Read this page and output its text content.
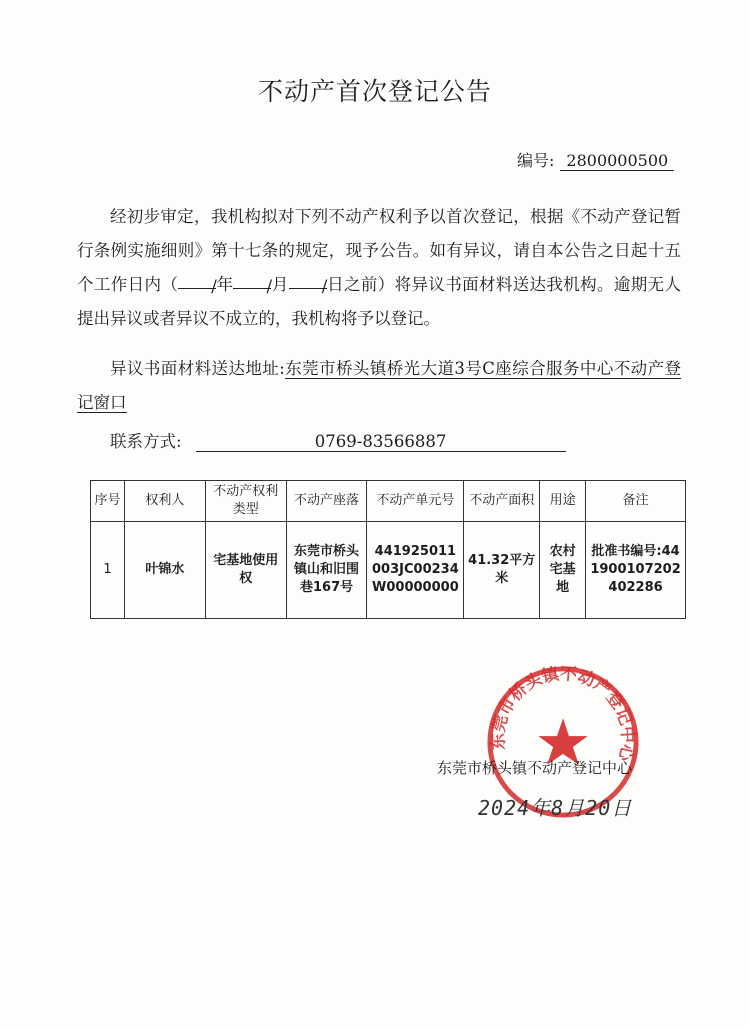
不动产首次登记公告
编号: 2800000500
经初步审定，我机构拟对下列不动产权利予以首次登记，根据《不动产登记暂行条例实施细则》第十七条的规定，现予公告。如有异议，请自本公告之日起十五个工作日内（ /年 /月 /日之前）将异议书面材料送达我机构。逾期无人提出异议或者异议不成立的，我机构将予以登记。
异议书面材料送达地址:东莞市桥头镇桥光大道3号C座综合服务中心不动产登记窗口
联系方式:	0769-83566887
序号	权利人	不动产权利类型	不动产座落	不动产单元号	不动产面积	用途	备注
1	叶锦水	宅基地使用权	东莞市桥头镇山和旧围巷167号	441925011003JC00234W00000000	41.32平方米	农村宅基地	批准书编号:441900107202402286
东莞市桥头镇不动产登记中心
东莞市桥头镇不动产登记中心
2024年8月20日
